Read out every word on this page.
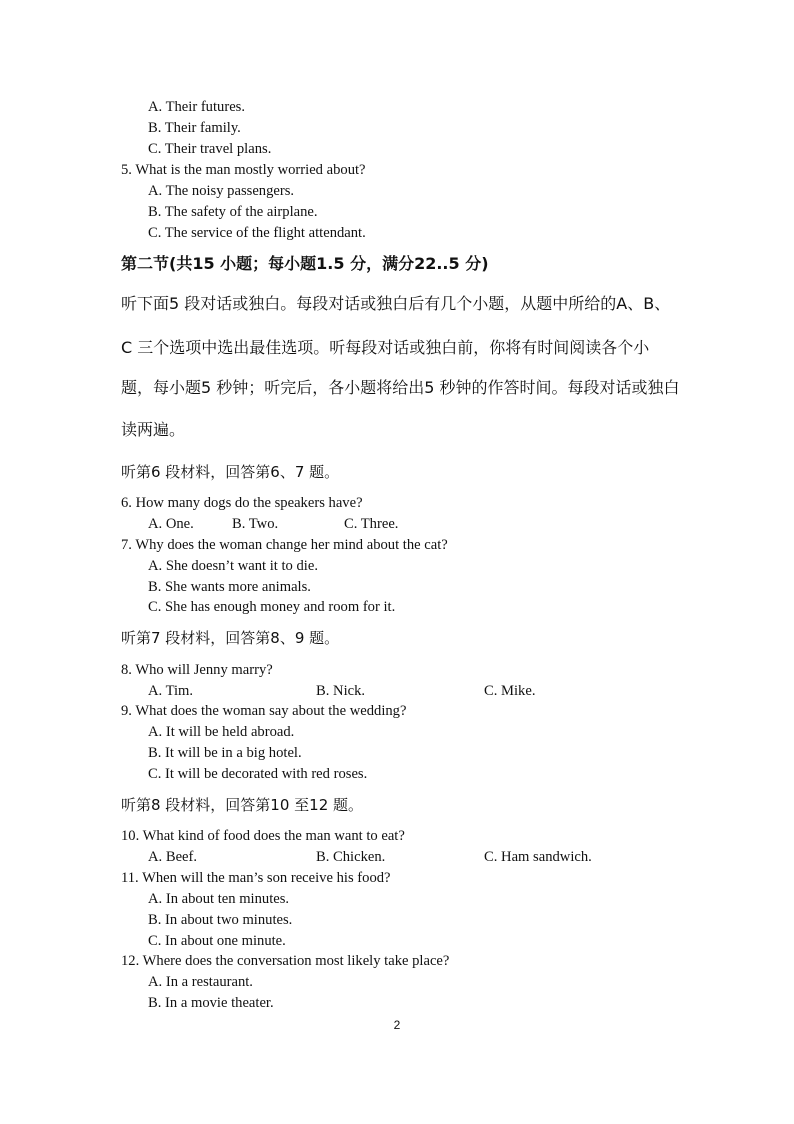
A. Their futures.
B. Their family.
C. Their travel plans.
5. What is the man mostly worried about?
A. The noisy passengers.
B. The safety of the airplane.
C. The service of the flight attendant.
第二节(共15 小题；每小题1.5 分，满分22..5 分)
听下面5 段对话或独白。每段对话或独白后有几个小题，从题中所给的A、B、
C 三个选项中选出最佳选项。听每段对话或独白前，你将有时间阅读各个小
题，每小题5 秒钟；听完后，各小题将给出5 秒钟的作答时间。每段对话或独白
读两遍。
听第6 段材料，回答第6、7 题。
6. How many dogs do the speakers have?
A. One.	B. Two.	C. Three.
7. Why does the woman change her mind about the cat?
A. She doesn’t want it to die.
B. She wants more animals.
C. She has enough money and room for it.
听第7 段材料，回答第8、9 题。
8. Who will Jenny marry?
A. Tim.	B. Nick.	C. Mike.
9. What does the woman say about the wedding?
A. It will be held abroad.
B. It will be in a big hotel.
C. It will be decorated with red roses.
听第8 段材料，回答第10 至12 题。
10. What kind of food does the man want to eat?
A. Beef.	B. Chicken.	C. Ham sandwich.
11. When will the man’s son receive his food?
A. In about ten minutes.
B. In about two minutes.
C. In about one minute.
12. Where does the conversation most likely take place?
A. In a restaurant.
B. In a movie theater.
2
